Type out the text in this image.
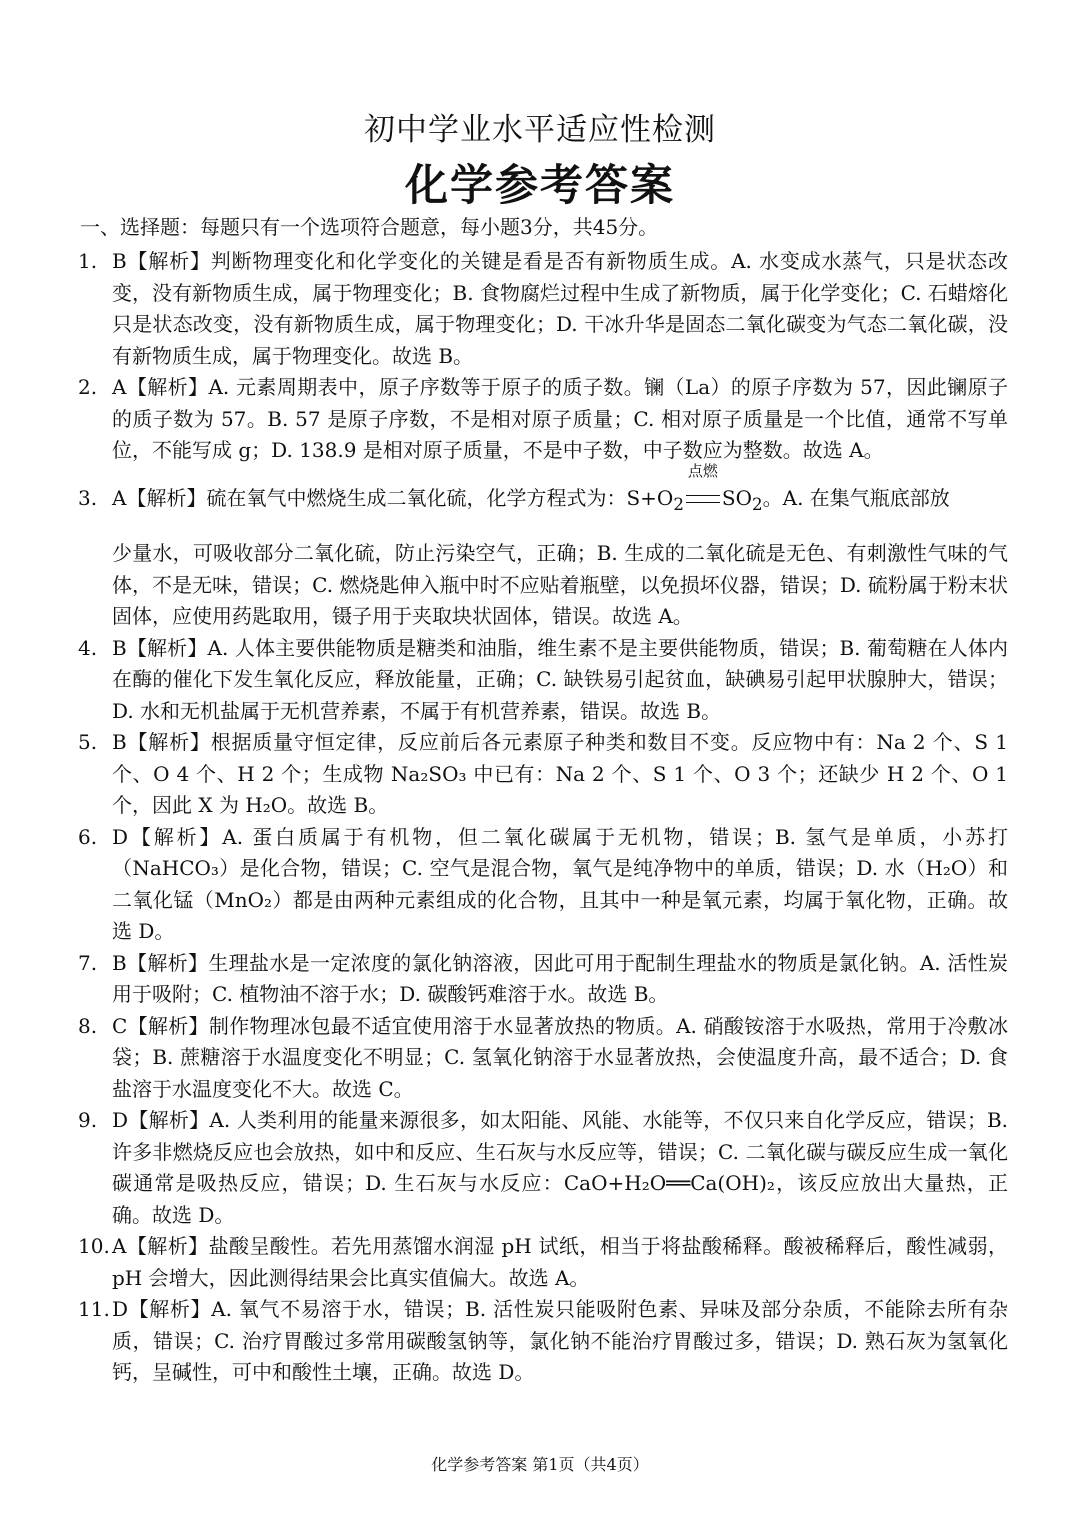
初中学业水平适应性检测
化学参考答案
一、选择题：每题只有一个选项符合题意，每小题3分，共45分。
1. B【解析】判断物理变化和化学变化的关键是看是否有新物质生成。A. 水变成水蒸气，只是状态改变，没有新物质生成，属于物理变化；B. 食物腐烂过程中生成了新物质，属于化学变化；C. 石蜡熔化只是状态改变，没有新物质生成，属于物理变化；D. 干冰升华是固态二氧化碳变为气态二氧化碳，没有新物质生成，属于物理变化。故选 B。
2. A【解析】A. 元素周期表中，原子序数等于原子的质子数。镧（La）的原子序数为 57，因此镧原子的质子数为 57。B. 57 是原子序数，不是相对原子质量；C. 相对原子质量是一个比值，通常不写单位，不能写成 g；D. 138.9 是相对原子质量，不是中子数，中子数应为整数。故选 A。
3. A【解析】硫在氧气中燃烧生成二氧化硫，化学方程式为：$S+O_2$
点燃
$SO_2$。A. 在集气瓶底部放
少量水，可吸收部分二氧化硫，防止污染空气，正确；B. 生成的二氧化硫是无色、有刺激性气味的气体，不是无味，错误；C. 燃烧匙伸入瓶中时不应贴着瓶壁，以免损坏仪器，错误；D. 硫粉属于粉末状固体，应使用药匙取用，镊子用于夹取块状固体，错误。故选 A。
4. B【解析】A. 人体主要供能物质是糖类和油脂，维生素不是主要供能物质，错误；B. 葡萄糖在人体内在酶的催化下发生氧化反应，释放能量，正确；C. 缺铁易引起贫血，缺碘易引起甲状腺肿大，错误；D. 水和无机盐属于无机营养素，不属于有机营养素，错误。故选 B。
5. B【解析】根据质量守恒定律，反应前后各元素原子种类和数目不变。反应物中有：Na 2 个、S 1 个、O 4 个、H 2 个；生成物 Na₂SO₃ 中已有：Na 2 个、S 1 个、O 3 个；还缺少 H 2 个、O 1 个，因此 X 为 H₂O。故选 B。
6. D【解析】A. 蛋白质属于有机物，但二氧化碳属于无机物，错误；B. 氢气是单质，小苏打（NaHCO₃）是化合物，错误；C. 空气是混合物，氧气是纯净物中的单质，错误；D. 水（H₂O）和二氧化锰（MnO₂）都是由两种元素组成的化合物，且其中一种是氧元素，均属于氧化物，正确。故选 D。
7. B【解析】生理盐水是一定浓度的氯化钠溶液，因此可用于配制生理盐水的物质是氯化钠。A. 活性炭用于吸附；C. 植物油不溶于水；D. 碳酸钙难溶于水。故选 B。
8. C【解析】制作物理冰包最不适宜使用溶于水显著放热的物质。A. 硝酸铵溶于水吸热，常用于冷敷冰袋；B. 蔗糖溶于水温度变化不明显；C. 氢氧化钠溶于水显著放热，会使温度升高，最不适合；D. 食盐溶于水温度变化不大。故选 C。
9. D【解析】A. 人类利用的能量来源很多，如太阳能、风能、水能等，不仅只来自化学反应，错误；B. 许多非燃烧反应也会放热，如中和反应、生石灰与水反应等，错误；C. 二氧化碳与碳反应生成一氧化碳通常是吸热反应，错误；D. 生石灰与水反应：CaO+H₂O══Ca(OH)₂，该反应放出大量热，正确。故选 D。
10. A【解析】盐酸呈酸性。若先用蒸馏水润湿 pH 试纸，相当于将盐酸稀释。酸被稀释后，酸性减弱，pH 会增大，因此测得结果会比真实值偏大。故选 A。
11. D【解析】A. 氧气不易溶于水，错误；B. 活性炭只能吸附色素、异味及部分杂质，不能除去所有杂质，错误；C. 治疗胃酸过多常用碳酸氢钠等，氯化钠不能治疗胃酸过多，错误；D. 熟石灰为氢氧化钙，呈碱性，可中和酸性土壤，正确。故选 D。
化学参考答案 第1页（共4页）
